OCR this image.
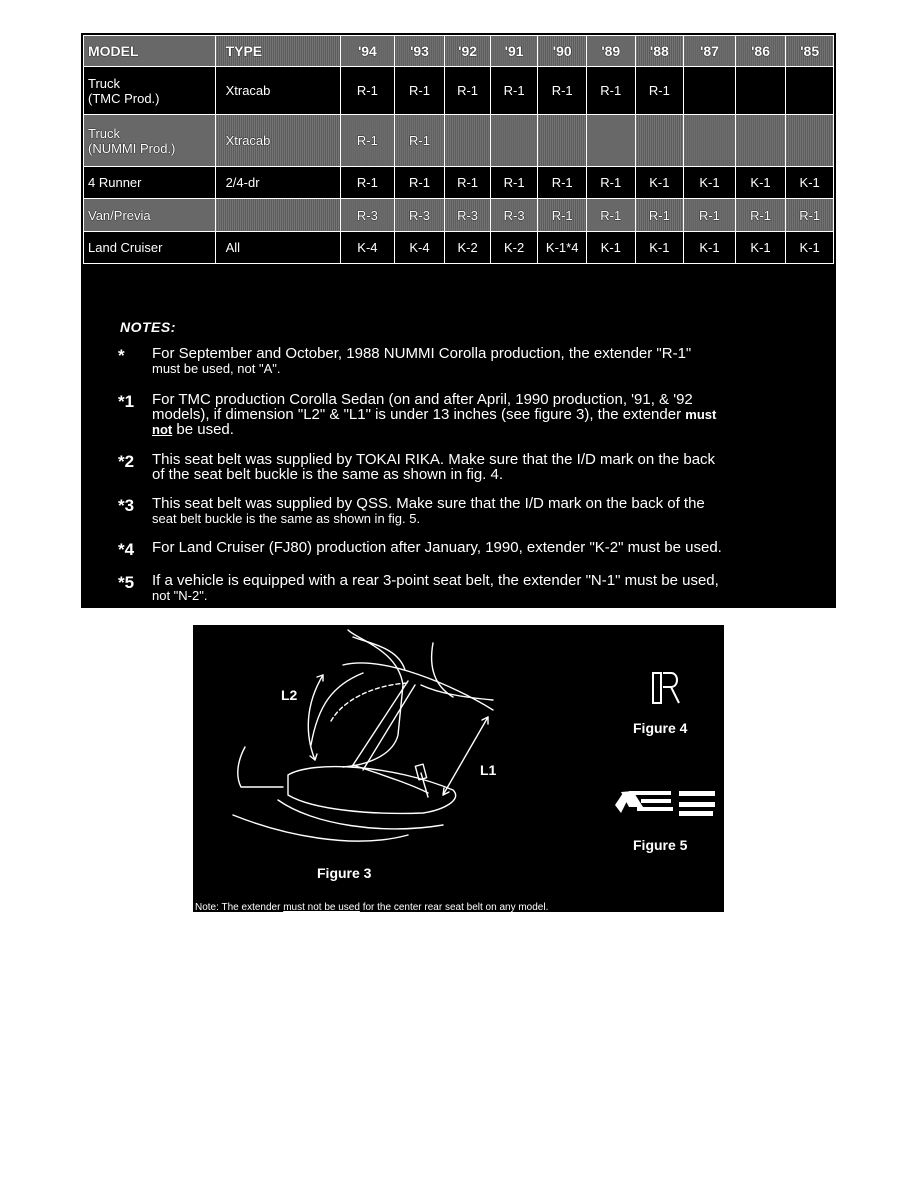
MODEL	TYPE	'94	'93	'92	'91	'90	'89	'88	'87	'86	'85
Truck
(TMC Prod.)	Xtracab	R-1	R-1	R-1	R-1	R-1	R-1	R-1			
Truck
(NUMMI Prod.)	Xtracab	R-1	R-1								
4 Runner	2/4-dr	R-1	R-1	R-1	R-1	R-1	R-1	K-1	K-1	K-1	K-1
Van/Previa		R-3	R-3	R-3	R-3	R-1	R-1	R-1	R-1	R-1	R-1
Land Cruiser	All	K-4	K-4	K-2	K-2	K-1*4	K-1	K-1	K-1	K-1	K-1
NOTES:
* For September and October, 1988 NUMMI Corolla production, the extender "R-1"
must be used, not "A".
*1 For TMC production Corolla Sedan (on and after April, 1990 production, '91, & '92
models), if dimension "L2" & "L1" is under 13 inches (see figure 3), the extender must
not be used.
*2 This seat belt was supplied by TOKAI RIKA. Make sure that the I/D mark on the back
of the seat belt buckle is the same as shown in fig. 4.
*3 This seat belt was supplied by QSS. Make sure that the I/D mark on the back of the
seat belt buckle is the same as shown in fig. 5.
*4 For Land Cruiser (FJ80) production after January, 1990, extender "K-2" must be used.
*5 If a vehicle is equipped with a rear 3-point seat belt, the extender "N-1" must be used,
not "N-2".
L2
L1
Figure 4
Figure 5
Figure 3
Note: The extender must not be used for the center rear seat belt on any model.
